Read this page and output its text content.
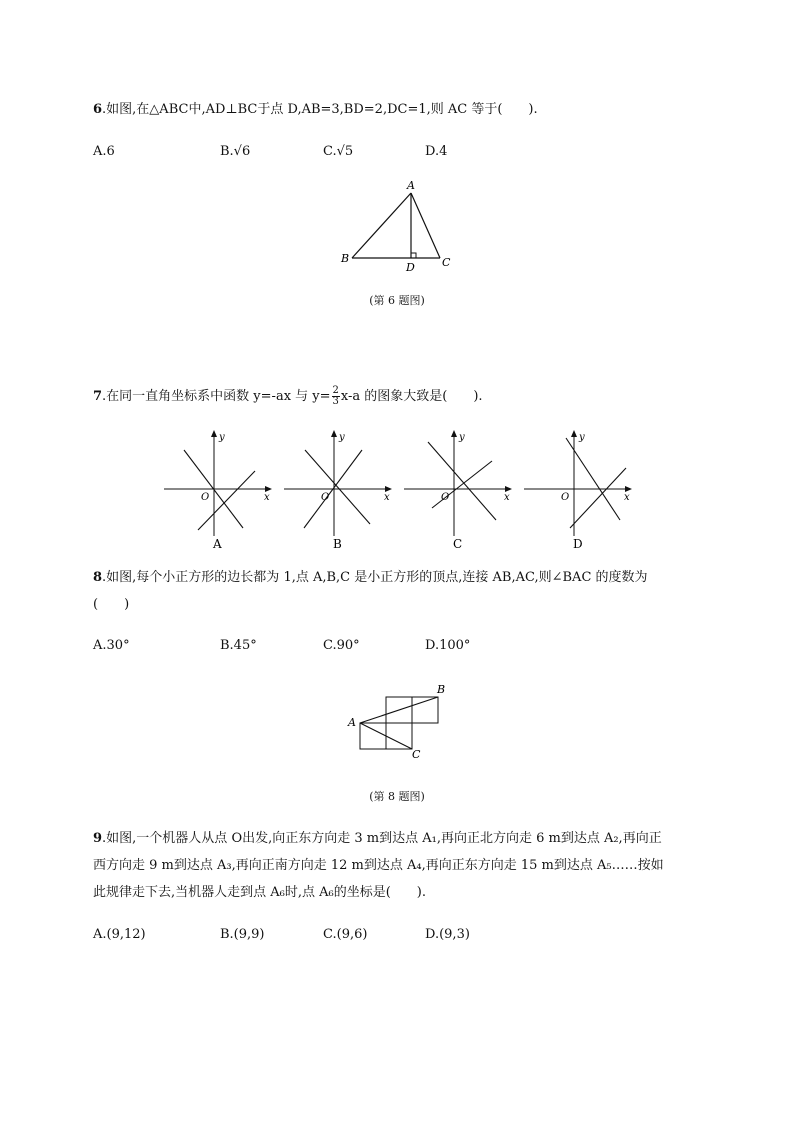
6.如图,在△ABC中,AD⊥BC于点 D,AB=3,BD=2,DC=1,则 AC 等于(　　).
A.6	B.√6	C.√5	D.4
A
B
D C
(第 6 题图)
7.在同一直角坐标系中函数 y=-ax 与 $y= \frac{2}{3} x-a$ 的图象大致是(　　).
y
x
O
A
y
x
O
B
y
x
O
C
y
x
O
D
8.如图,每个小正方形的边长都为 1,点 A,B,C 是小正方形的顶点,连接 AB,AC,则∠BAC 的度数为
(　　)
A.30°	B.45°	C.90°	D.100°
A
B
C
(第 8 题图)
9.如图,一个机器人从点 O出发,向正东方向走 3 m到达点 A₁,再向正北方向走 6 m到达点 A₂,再向正
西方向走 9 m到达点 A₃,再向正南方向走 12 m到达点 A₄,再向正东方向走 15 m到达点 A₅……按如
此规律走下去,当机器人走到点 A₆时,点 A₆的坐标是(　　).
A.(9,12)	B.(9,9)	C.(9,6)	D.(9,3)
